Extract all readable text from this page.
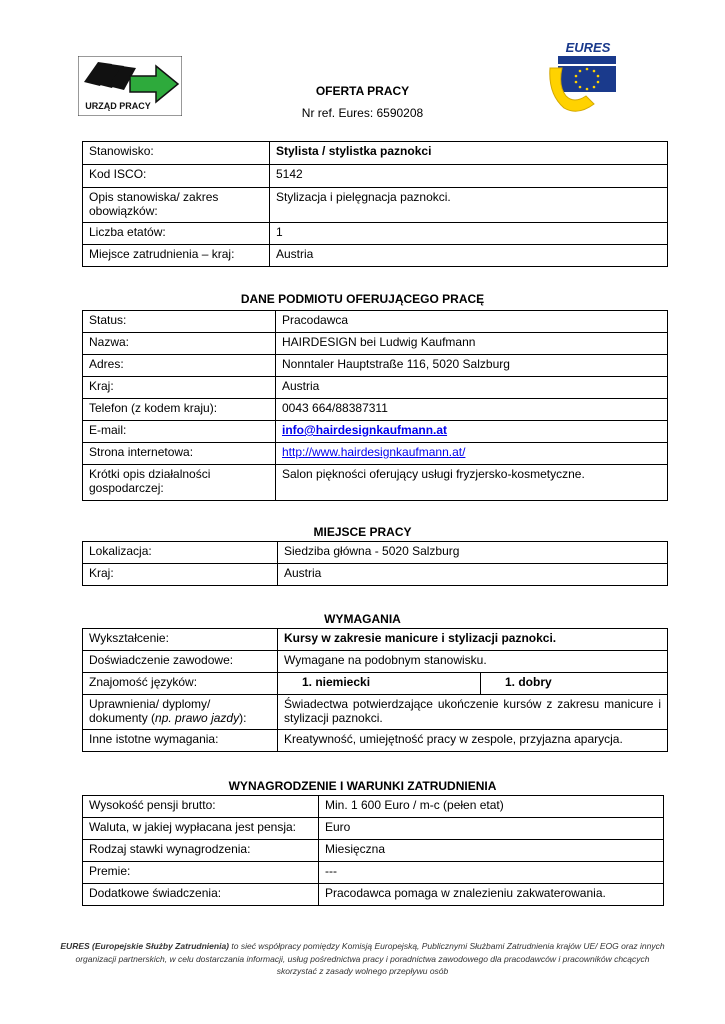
URZĄD PRACY
EURES
OFERTA PRACY
Nr ref. Eures: 6590208
Stanowisko:	Stylista / stylistka paznokci
Kod ISCO:	5142
Opis stanowiska/ zakres obowiązków:	Stylizacja i pielęgnacja paznokci.
Liczba etatów:	1
Miejsce zatrudnienia – kraj:	Austria
DANE PODMIOTU OFERUJĄCEGO PRACĘ
Status:	Pracodawca
Nazwa:	HAIRDESIGN bei Ludwig Kaufmann
Adres:	Nonntaler Hauptstraße 116, 5020 Salzburg
Kraj:	Austria
Telefon (z kodem kraju):	0043 664/88387311
E-mail:	info@hairdesignkaufmann.at
Strona internetowa:	http://www.hairdesignkaufmann.at/
Krótki opis działalności gospodarczej:	Salon piękności oferujący usługi fryzjersko-kosmetyczne.
MIEJSCE PRACY
Lokalizacja:	Siedziba główna - 5020 Salzburg
Kraj:	Austria
WYMAGANIA
Wykształcenie:	Kursy w zakresie manicure i stylizacji paznokci.	
Doświadczenie zawodowe:	Wymagane na podobnym stanowisku.	
Znajomość języków:	1. niemiecki	1. dobry
Uprawnienia/ dyplomy/ dokumenty (np. prawo jazdy):	Świadectwa potwierdzające ukończenie kursów z zakresu manicure i stylizacji paznokci.	
Inne istotne wymagania:	Kreatywność, umiejętność pracy w zespole, przyjazna aparycja.	
WYNAGRODZENIE I WARUNKI ZATRUDNIENIA
Wysokość pensji brutto:	Min. 1 600 Euro / m-c (pełen etat)
Waluta, w jakiej wypłacana jest pensja:	Euro
Rodzaj stawki wynagrodzenia:	Miesięczna
Premie:	---
Dodatkowe świadczenia:	Pracodawca pomaga w znalezieniu zakwaterowania.
EURES (Europejskie Służby Zatrudnienia) to sieć współpracy pomiędzy Komisją Europejską, Publicznymi Służbami Zatrudnienia krajów UE/ EOG oraz innych organizacji partnerskich, w celu dostarczania informacji, usług pośrednictwa pracy i poradnictwa zawodowego dla pracodawców i pracowników chcących skorzystać z zasady wolnego przepływu osób
